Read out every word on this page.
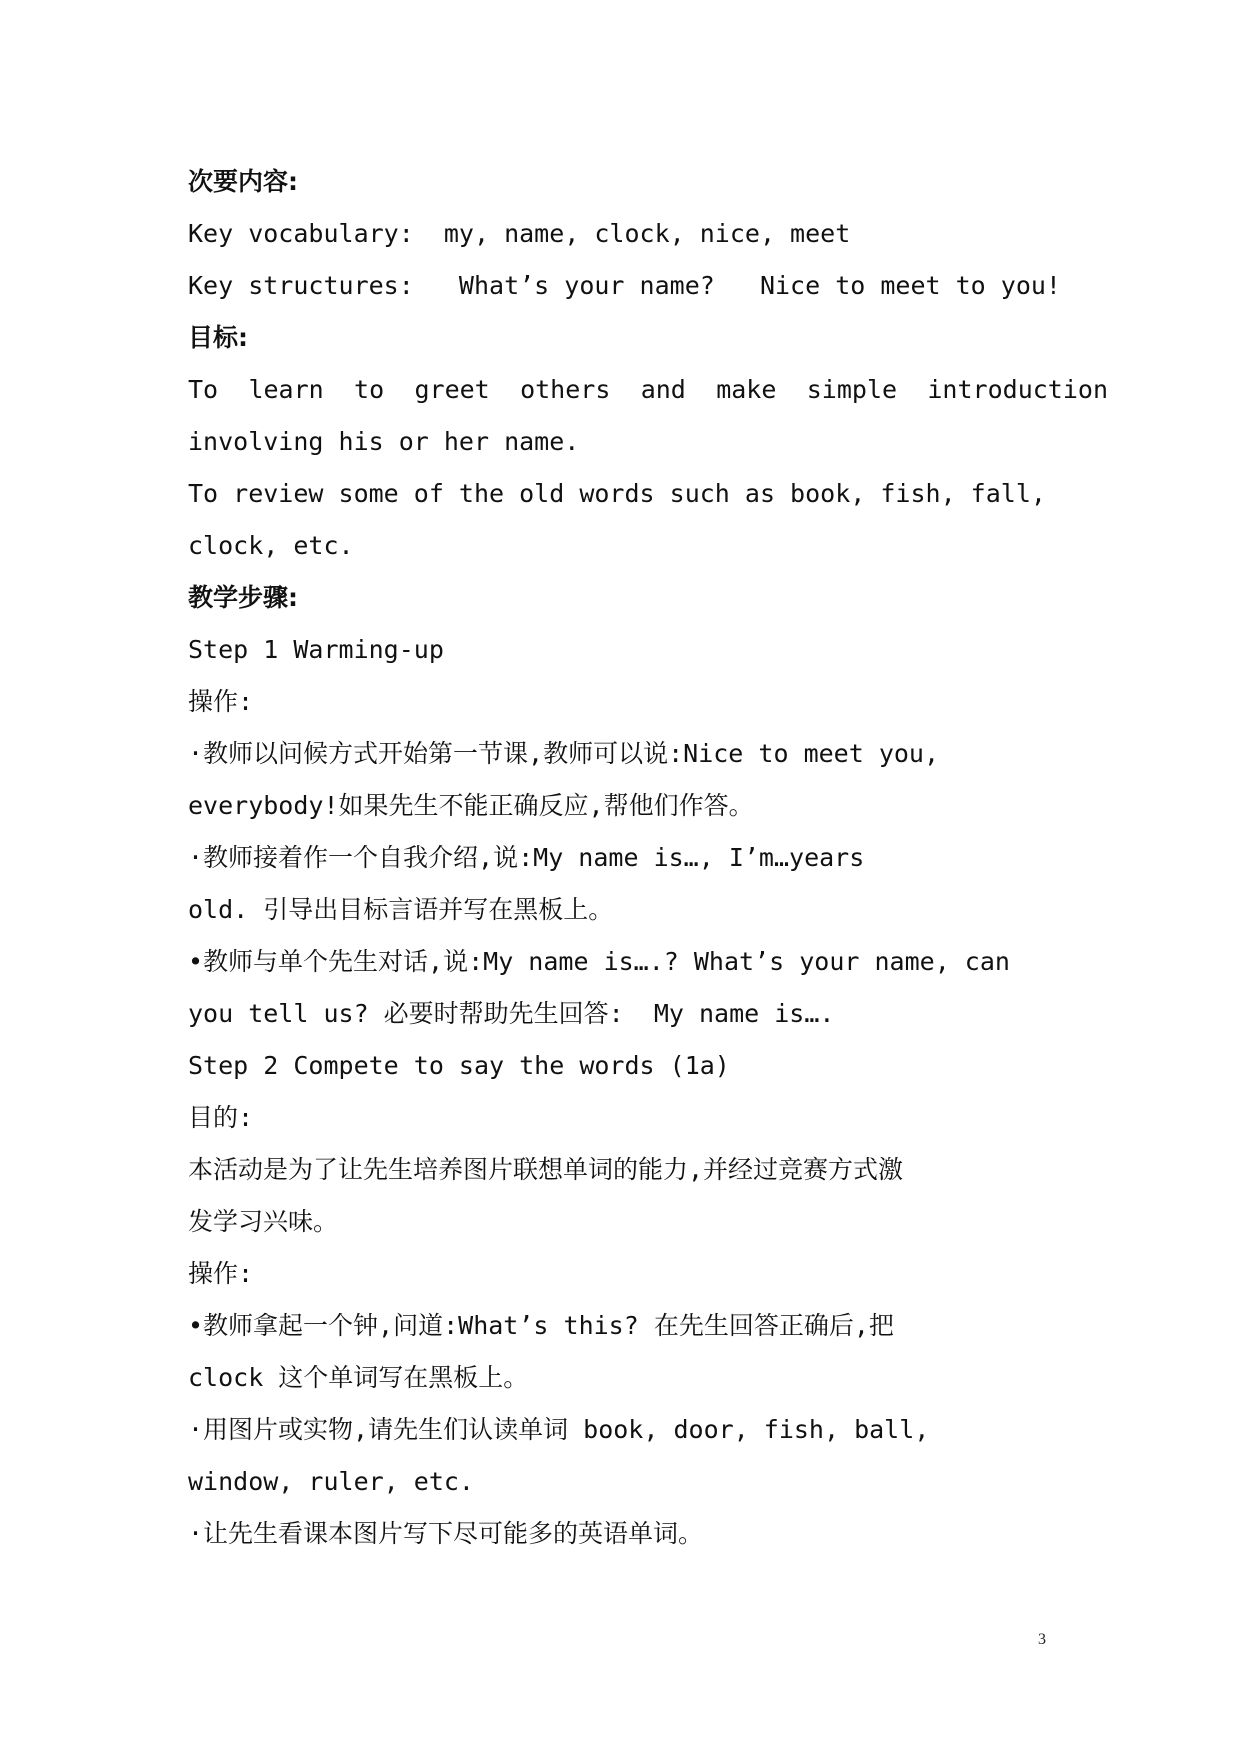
次要内容:
Key vocabulary:  my, name, clock, nice, meet
Key structures:   What’s your name?   Nice to meet to you!
目标:
To learn to greet others and make simple introduction
involving his or her name.
To review some of the old words such as book, fish, fall,
clock, etc.
教学步骤:
Step 1 Warming-up
操作:
·教师以问候方式开始第一节课,教师可以说:Nice to meet you,
everybody!如果先生不能正确反应,帮他们作答。
·教师接着作一个自我介绍,说:My name is…, I’m…years
old. 引导出目标言语并写在黑板上。
•教师与单个先生对话,说:My name is….? What’s your name, can
you tell us? 必要时帮助先生回答:  My name is….
Step 2 Compete to say the words (1a)
目的:
本活动是为了让先生培养图片联想单词的能力,并经过竞赛方式激
发学习兴味。
操作:
•教师拿起一个钟,问道:What’s this? 在先生回答正确后,把
clock 这个单词写在黑板上。
·用图片或实物,请先生们认读单词 book, door, fish, ball,
window, ruler, etc.
·让先生看课本图片写下尽可能多的英语单词。
3
